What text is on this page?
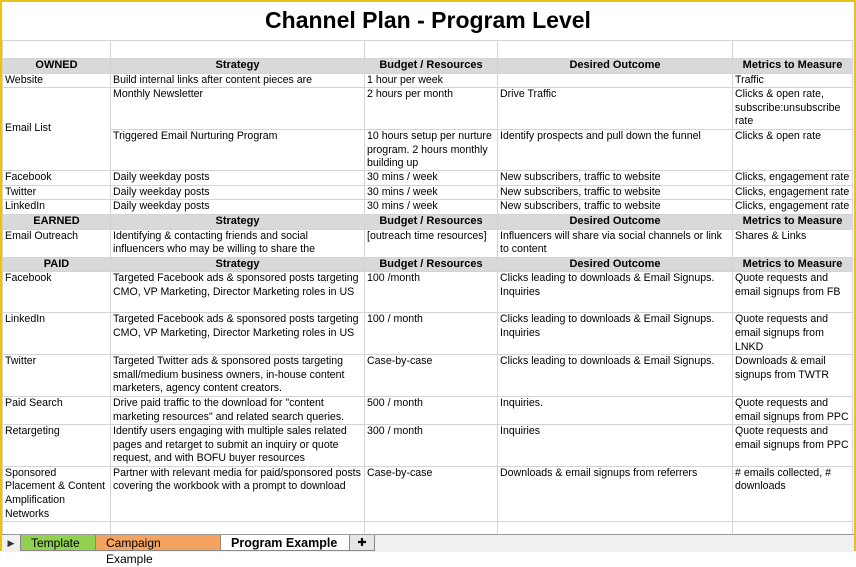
Channel Plan - Program Level

OWNED	Strategy	Budget / Resources	Desired Outcome	Metrics to Measure
Website	Build internal links after content pieces are	1 hour per week		Traffic
Email List	Monthly Newsletter	2 hours per month	Drive Traffic	Clicks & open rate, subscribe:unsubscribe rate

	Triggered Email Nurturing Program	10 hours setup per nurture program. 2 hours monthly building up	Identify prospects and pull down the funnel	Clicks & open rate
Facebook	Daily weekday posts	30 mins / week	New subscribers, traffic to website	Clicks, engagement rate
Twitter	Daily weekday posts	30 mins / week	New subscribers, traffic to website	Clicks, engagement rate
LinkedIn	Daily weekday posts	30 mins / week	New subscribers, traffic to website	Clicks, engagement rate
EARNED	Strategy	Budget / Resources	Desired Outcome	Metrics to Measure
Email Outreach	Identifying & contacting friends and social influencers who may be willing to share the	[outreach time resources]	Influencers will share via social channels or link to content	Shares & Links
PAID	Strategy	Budget / Resources	Desired Outcome	Metrics to Measure
Facebook	Targeted Facebook ads & sponsored posts targeting CMO, VP Marketing, Director Marketing roles in US	100 /month	Clicks leading to downloads & Email Signups. Inquiries	Quote requests and email signups from FB
LinkedIn	Targeted Facebook ads & sponsored posts targeting CMO, VP Marketing, Director Marketing roles in US	100 / month	Clicks leading to downloads & Email Signups. Inquiries	Quote requests and email signups from LNKD
Twitter	Targeted Twitter ads & sponsored posts targeting small/medium business owners, in-house content marketers, agency content creators.	Case-by-case	Clicks leading to downloads & Email Signups.	Downloads & email signups from TWTR
Paid Search	Drive paid traffic to the download for "content marketing resources" and related search queries.	500 / month	Inquiries.	Quote requests and email signups from PPC
Retargeting	Identify users engaging with multiple sales related pages and retarget to submit an inquiry or quote request, and with BOFU buyer resources	300 / month	Inquiries	Quote requests and email signups from PPC
Sponsored Placement & Content Amplification Networks	Partner with relevant media for paid/sponsored posts covering the workbook with a prompt to download	Case-by-case	Downloads & email signups from referrers	# emails collected, # downloads

▶	Template	Campaign Example
Program Example	✚
